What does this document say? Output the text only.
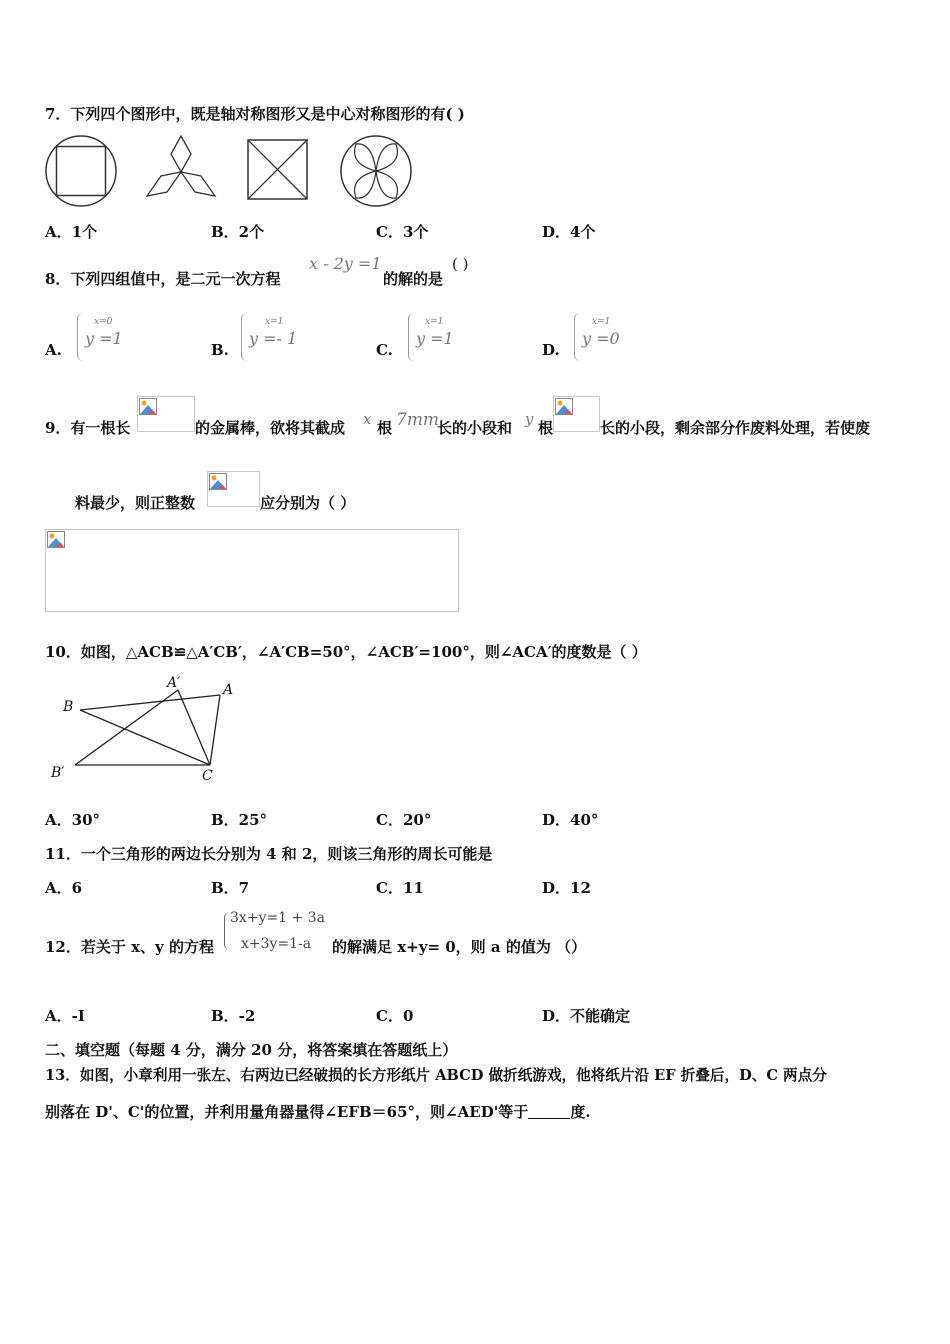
7．下列四个图形中，既是轴对称图形又是中心对称图形的有( )
A．1个	B．2个	C．3个	D．4个
8．下列四组值中，是二元一次方程
x - 2y =1
的解的是
( )
A.
x=0
y =1
B.
x=1
y =- 1
C.
x=1
y =1
D.
x=1
y =0
9．有一根长	的金属棒，欲将其截成 x 根 7mm
长的小段和 y 根	长的小段，剩余部分作废料处理，若使废
料最少，则正整数	应分别为（ ）
10．如图，△ACB≌△A′CB′，∠A′CB=50°，∠ACB′=100°，则∠ACA′的度数是（ ）
B
A′	A
B′	C
A．30°	B．25°	C．20°	D．40°
11．一个三角形的两边长分别为 4 和 2，则该三角形的周长可能是
A．6	B．7	C．11	D．12
12．若关于 x、y 的方程
3x+y=1 + 3a
x+3y=1-a 的解满足 x+y= 0，则 a 的值为 （）
A．-I	B．-2	C．0	D．不能确定
二、填空题（每题 4 分，满分 20 分，将答案填在答题纸上）
13．如图，小章利用一张左、右两边已经破损的长方形纸片 ABCD 做折纸游戏，他将纸片沿 EF 折叠后，D、C 两点分
别落在 D'、C'的位置，并利用量角器量得∠EFB＝65°，则∠AED'等于	度.
